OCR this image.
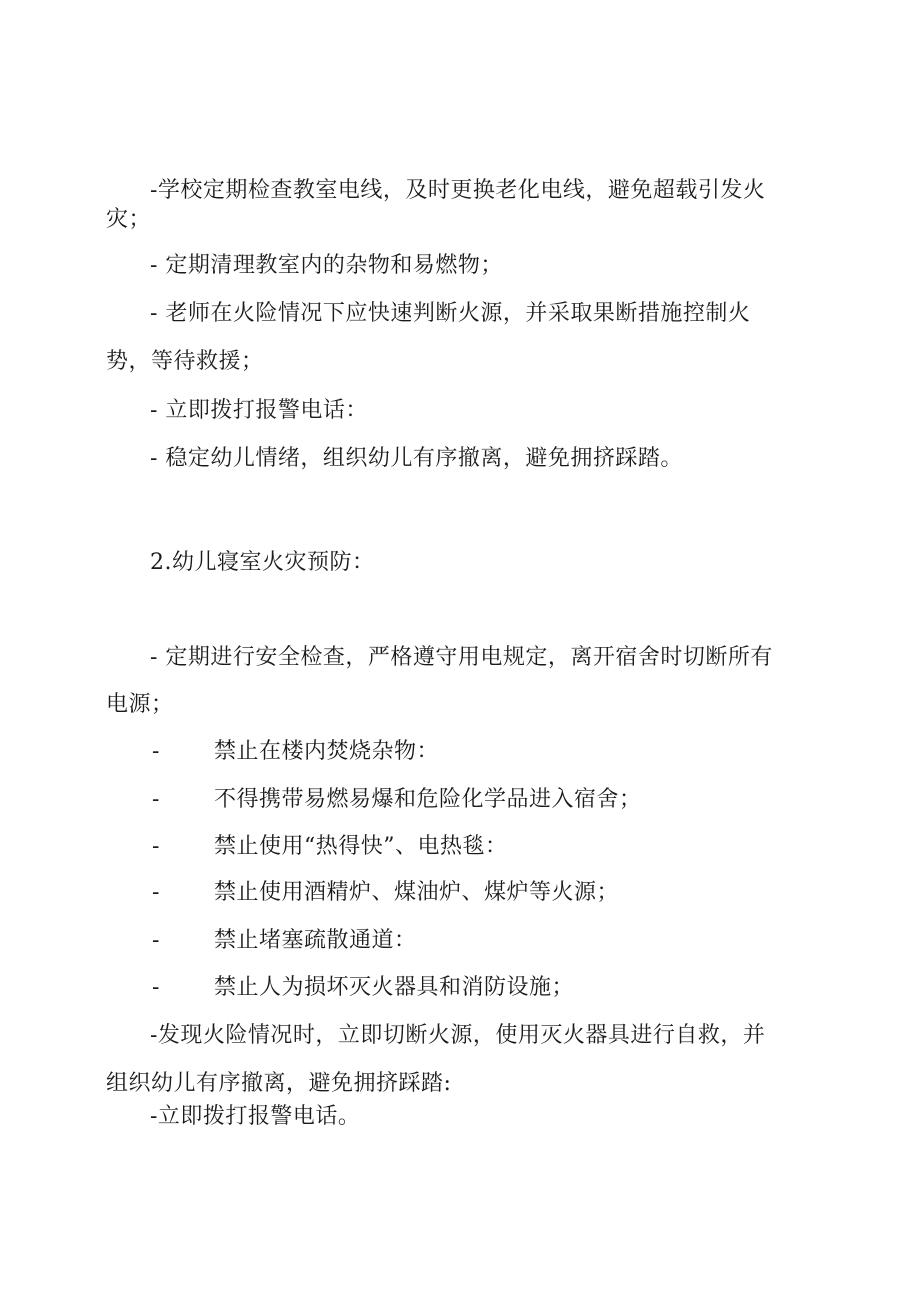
-学校定期检查教室电线，及时更换老化电线，避免超载引发火
灾；
- 定期清理教室内的杂物和易燃物；
- 老师在火险情况下应快速判断火源，并采取果断措施控制火
势，等待救援；
- 立即拨打报警电话：
- 稳定幼儿情绪，组织幼儿有序撤离，避免拥挤踩踏。
2.幼儿寝室火灾预防：
- 定期进行安全检查，严格遵守用电规定，离开宿舍时切断所有
电源；
- 禁止在楼内焚烧杂物：
- 不得携带易燃易爆和危险化学品进入宿舍；
- 禁止使用“热得快”、电热毯：
- 禁止使用酒精炉、煤油炉、煤炉等火源；
- 禁止堵塞疏散通道：
- 禁止人为损坏灭火器具和消防设施；
-发现火险情况时，立即切断火源，使用灭火器具进行自救，并
组织幼儿有序撤离，避免拥挤踩踏:
-立即拨打报警电话。
